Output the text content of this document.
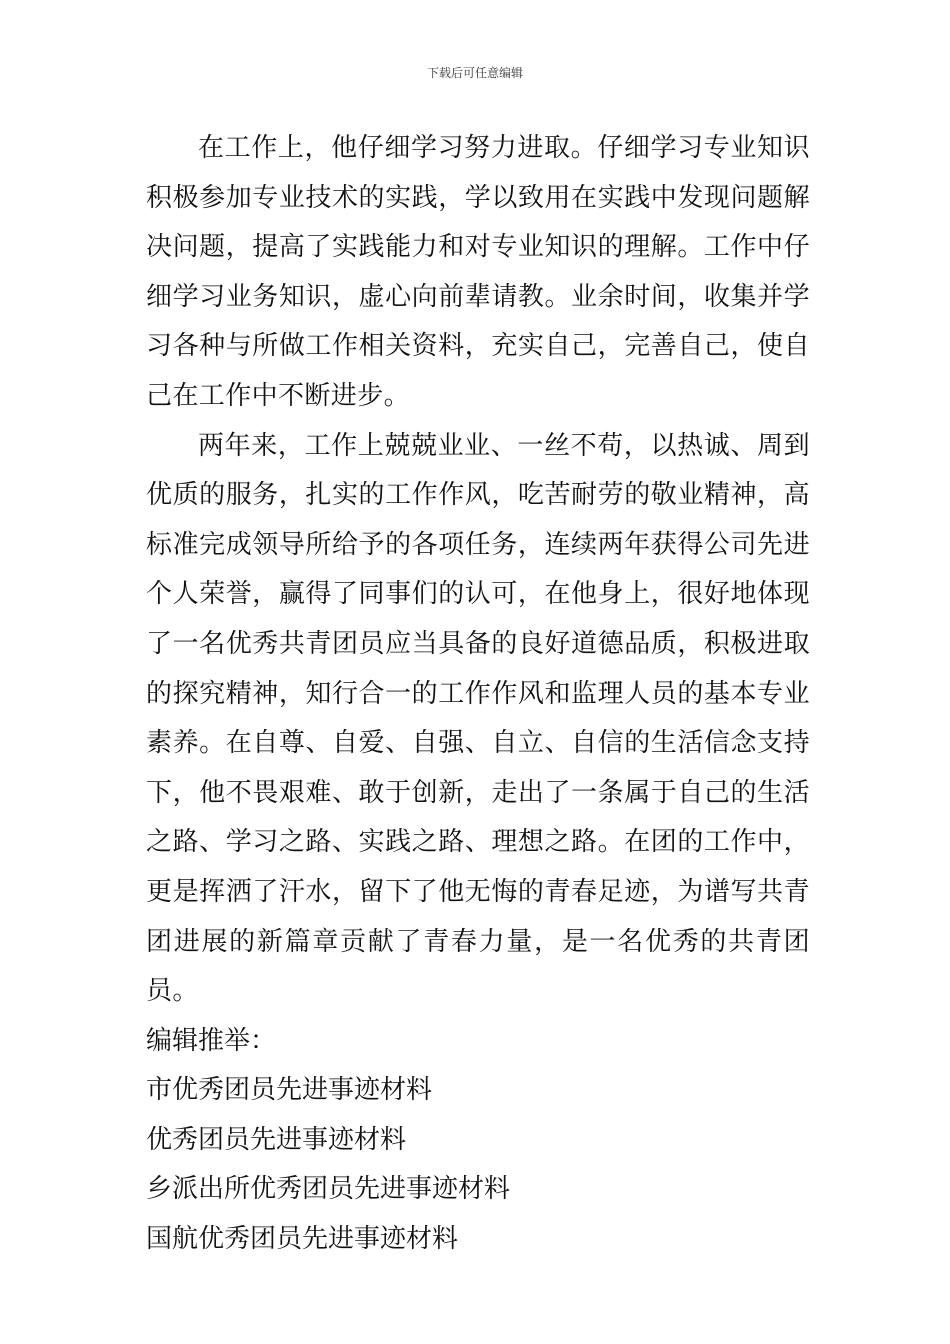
下载后可任意编辑

在工作上，他仔细学习努力进取。仔细学习专业知识积极参加专业技术的实践，学以致用在实践中发现问题解决问题，提高了实践能力和对专业知识的理解。工作中仔细学习业务知识，虚心向前辈请教。业余时间，收集并学习各种与所做工作相关资料，充实自己，完善自己，使自己在工作中不断进步。

两年来，工作上兢兢业业、一丝不苟，以热诚、周到优质的服务，扎实的工作作风，吃苦耐劳的敬业精神，高标准完成领导所给予的各项任务，连续两年获得公司先进个人荣誉，赢得了同事们的认可，在他身上，很好地体现了一名优秀共青团员应当具备的良好道德品质，积极进取的探究精神，知行合一的工作作风和监理人员的基本专业素养。在自尊、自爱、自强、自立、自信的生活信念支持下，他不畏艰难、敢于创新，走出了一条属于自己的生活之路、学习之路、实践之路、理想之路。在团的工作中，更是挥洒了汗水，留下了他无悔的青春足迹，为谱写共青团进展的新篇章贡献了青春力量，是一名优秀的共青团员。

编辑推举：

市优秀团员先进事迹材料

优秀团员先进事迹材料

乡派出所优秀团员先进事迹材料

国航优秀团员先进事迹材料
